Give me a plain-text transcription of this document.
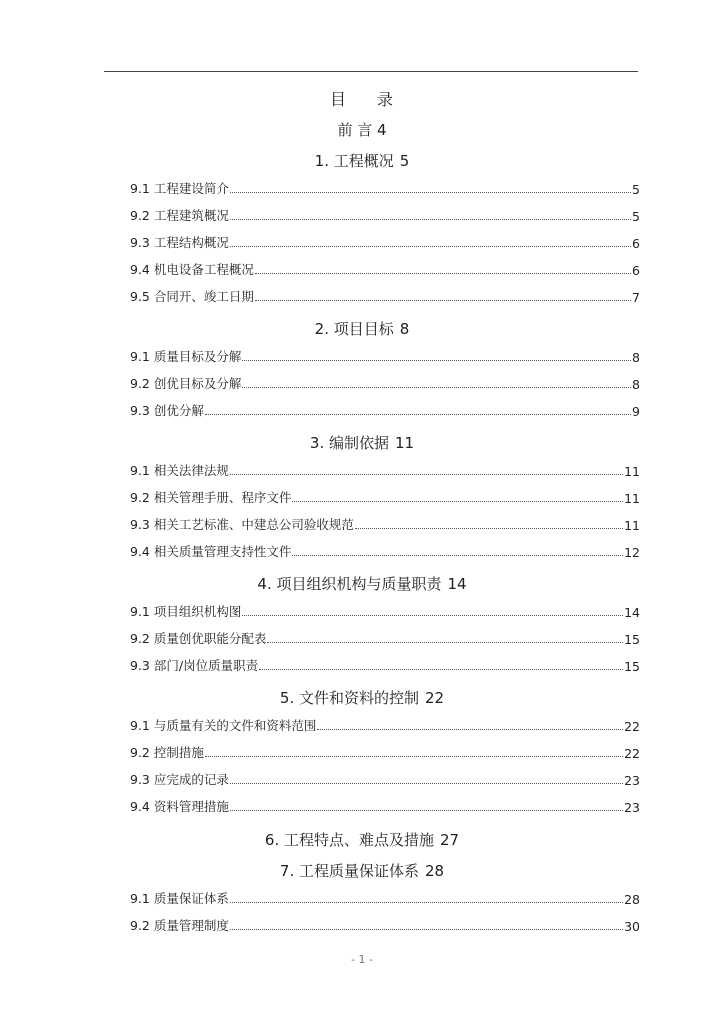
目 录
前 言 4
1. 工程概况 5
9.1 工程建设简介	5
9.2 工程建筑概况	5
9.3 工程结构概况	6
9.4 机电设备工程概况	6
9.5 合同开、竣工日期	7
2. 项目目标 8
9.1 质量目标及分解	8
9.2 创优目标及分解	8
9.3 创优分解	9
3. 编制依据 11
9.1 相关法律法规	11
9.2 相关管理手册、程序文件	11
9.3 相关工艺标准、中建总公司验收规范	11
9.4 相关质量管理支持性文件	12
4. 项目组织机构与质量职责 14
9.1 项目组织机构图	14
9.2 质量创优职能分配表	15
9.3 部门/岗位质量职责	15
5. 文件和资料的控制 22
9.1 与质量有关的文件和资料范围	22
9.2 控制措施	22
9.3 应完成的记录	23
9.4 资料管理措施	23
6. 工程特点、难点及措施 27
7. 工程质量保证体系 28
9.1 质量保证体系	28
9.2 质量管理制度	30
- 1 -
